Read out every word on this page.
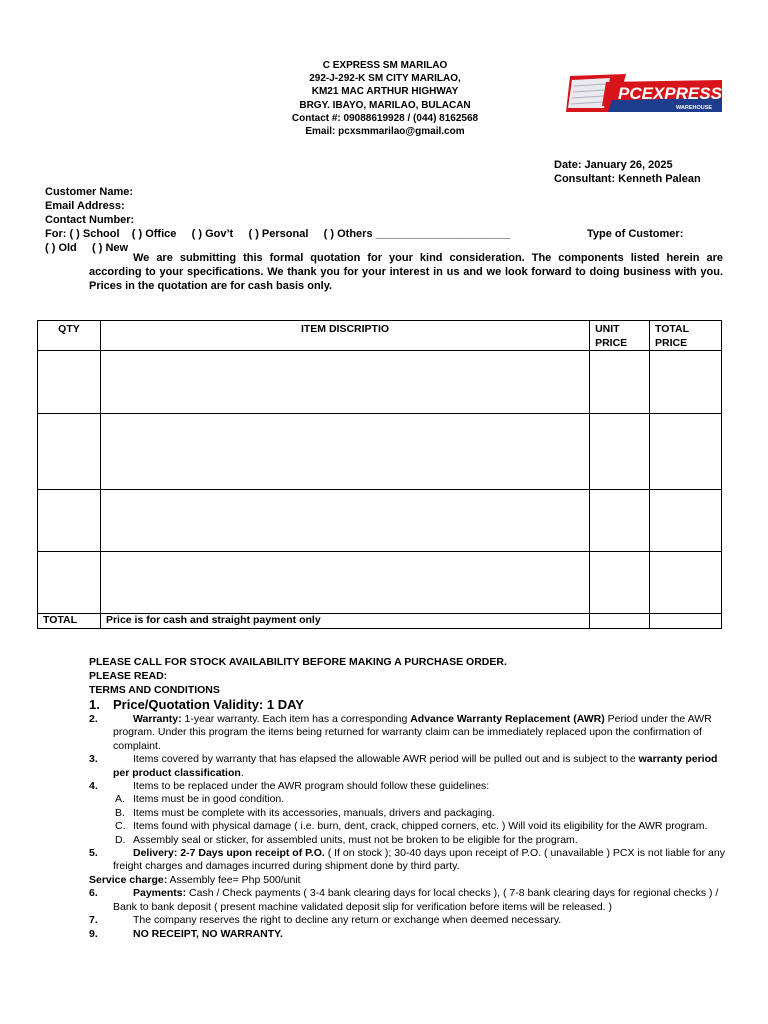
C EXPRESS SM MARILAO
292-J-292-K SM CITY MARILAO,
KM21 MAC ARTHUR HIGHWAY
BRGY. IBAYO, MARILAO, BULACAN
Contact #: 09088619928 / (044) 8162568
Email: pcxsmmarilao@gmail.com
PCEXPRESS
WAREHOUSE
Date: January 26, 2025
Consultant: Kenneth Palean
Customer Name:
Email Address:
Contact Number:
For: ( ) School    ( ) Office     ( ) Gov’t     ( ) Personal     ( ) Others ______________________	Type of Customer:
( ) Old     ( ) New
We are submitting this formal quotation for your kind consideration. The components listed herein are according to your specifications. We thank you for your interest in us and we look forward to doing business with you. Prices in the quotation are for cash basis only.
QTY	ITEM DISCRIPTIO	UNIT PRICE	TOTAL PRICE

TOTAL	Price is for cash and straight payment only		
PLEASE CALL FOR STOCK AVAILABILITY BEFORE MAKING A PURCHASE ORDER.
PLEASE READ:
TERMS AND CONDITIONS
1. Price/Quotation Validity: 1 DAY
2.	Warranty: 1-year warranty. Each item has a corresponding Advance Warranty Replacement (AWR) Period under the AWR program. Under this program the items being returned for warranty claim can be immediately replaced upon the confirmation of complaint.
3.	Items covered by warranty that has elapsed the allowable AWR period will be pulled out and is subject to the warranty period per product classification.
4.	Items to be replaced under the AWR program should follow these guidelines:
A. Items must be in good condition.
B. Items must be complete with its accessories, manuals, drivers and packaging.
C. Items found with physical damage ( i.e. burn, dent, crack, chipped corners, etc. ) Will void its eligibility for the AWR program.
D. Assembly seal or sticker, for assembled units, must not be broken to be eligible for the program.
5.	Delivery: 2-7 Days upon receipt of P.O. ( If on stock ); 30-40 days upon receipt of P.O. ( unavailable ) PCX is not liable for any freight charges and damages incurred during shipment done by third party.
Service charge: Assembly fee= Php 500/unit
6.	Payments: Cash / Check payments ( 3-4 bank clearing days for local checks ), ( 7-8 bank clearing days for regional checks ) / Bank to bank deposit ( present machine validated deposit slip for verification before items will be released. )
7.	The company reserves the right to decline any return or exchange when deemed necessary.
9.	NO RECEIPT, NO WARRANTY.
